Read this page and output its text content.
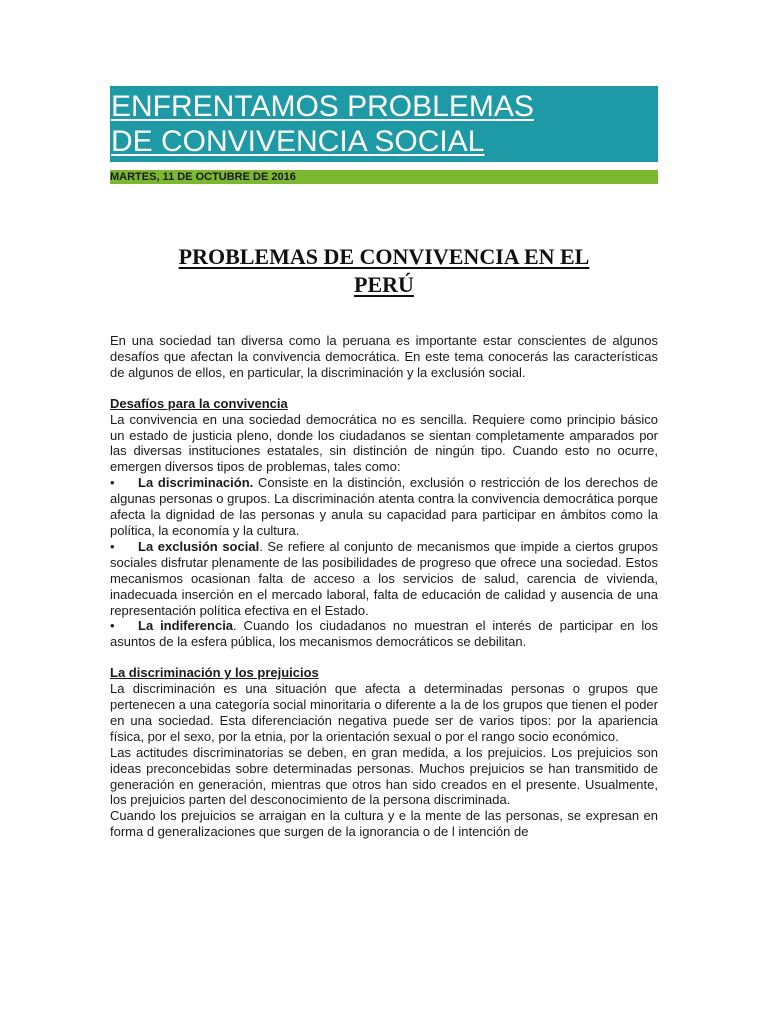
ENFRENTAMOS PROBLEMAS
DE CONVIVENCIA SOCIAL
MARTES, 11 DE OCTUBRE DE 2016
PROBLEMAS DE CONVIVENCIA EN EL
PERÚ

En una sociedad tan diversa como la peruana es importante estar conscientes de algunos desafíos que afectan la convivencia democrática. En este tema conocerás las características de algunos de ellos, en particular, la discriminación y la exclusión social.

Desafíos para la convivencia

La convivencia en una sociedad democrática no es sencilla. Requiere como principio básico un estado de justicia pleno, donde los ciudadanos se sientan completamente amparados por las diversas instituciones estatales, sin distinción de ningún tipo. Cuando esto no ocurre, emergen diversos tipos de problemas, tales como:

• La discriminación. Consiste en la distinción, exclusión o restricción de los derechos de algunas personas o grupos. La discriminación atenta contra la convivencia democrática porque afecta la dignidad de las personas y anula su capacidad para participar en ámbitos como la política, la economía y la cultura.

• La exclusión social. Se refiere al conjunto de mecanismos que impide a ciertos grupos sociales disfrutar plenamente de las posibilidades de progreso que ofrece una sociedad. Estos mecanismos ocasionan falta de acceso a los servicios de salud, carencia de vivienda, inadecuada inserción en el mercado laboral, falta de educación de calidad y ausencia de una representación política efectiva en el Estado.

• La indiferencia. Cuando los ciudadanos no muestran el interés de participar en los asuntos de la esfera pública, los mecanismos democráticos se debilitan.

La discriminación y los prejuicios

La discriminación es una situación que afecta a determinadas personas o grupos que pertenecen a una categoría social minoritaria o diferente a la de los grupos que tienen el poder en una sociedad. Esta diferenciación negativa puede ser de varios tipos: por la apariencia física, por el sexo, por la etnia, por la orientación sexual o por el rango socio económico.

Las actitudes discriminatorias se deben, en gran medida, a los prejuicios. Los prejuicios son ideas preconcebidas sobre determinadas personas. Muchos prejuicios se han transmitido de generación en generación, mientras que otros han sido creados en el presente. Usualmente, los prejuicios parten del desconocimiento de la persona discriminada.

Cuando los prejuicios se arraigan en la cultura y e la mente de las personas, se expresan en forma d generalizaciones que surgen de la ignorancia o de l intención de
